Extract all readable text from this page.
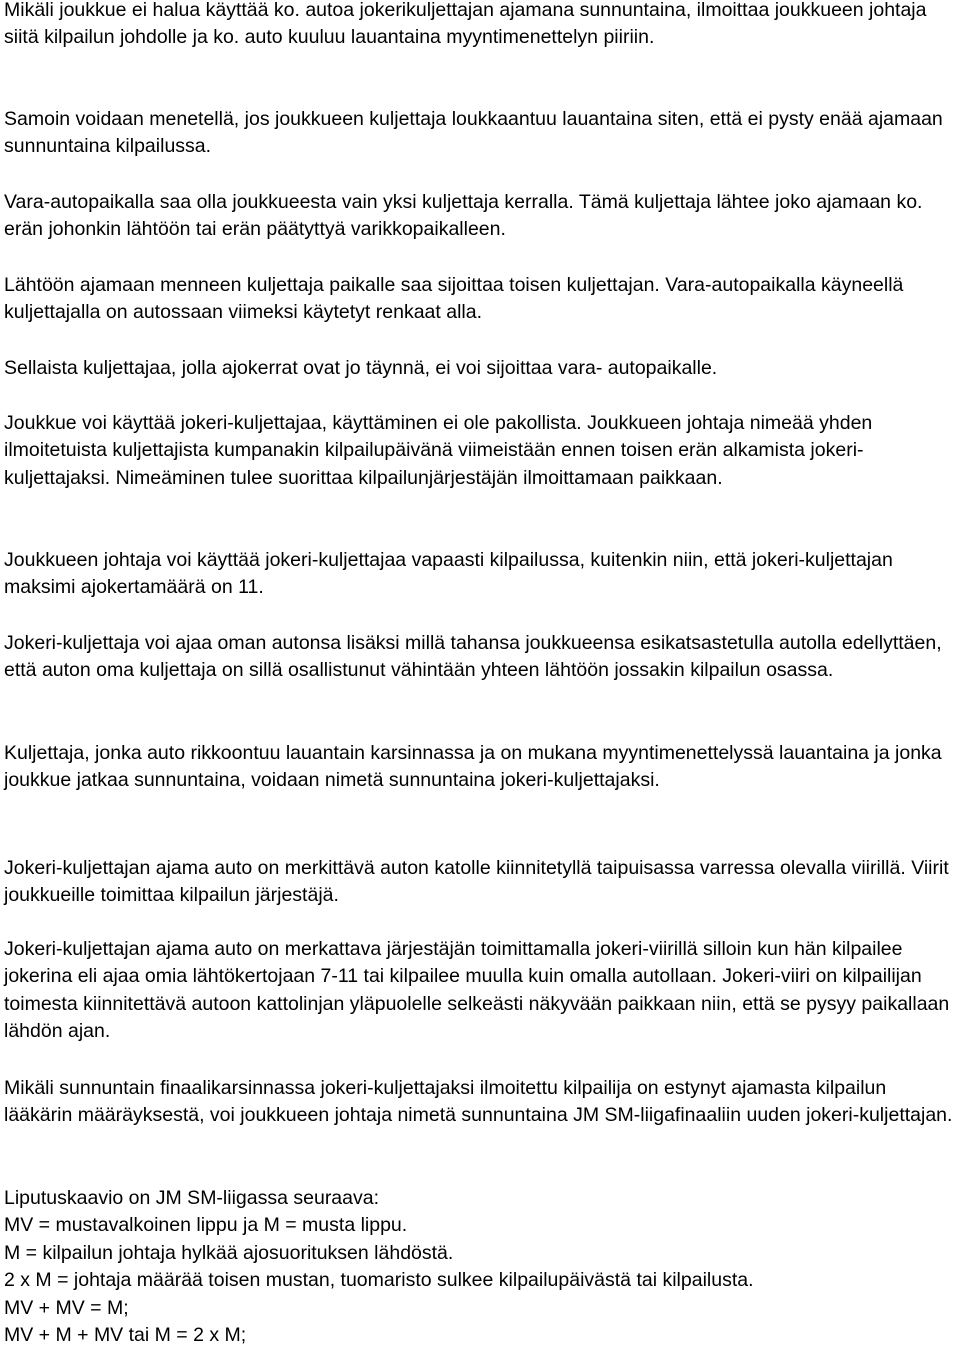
Mikäli joukkue ei halua käyttää ko. autoa jokerikuljettajan ajamana sunnuntaina, ilmoittaa joukkueen johtaja siitä kilpailun johdolle ja ko. auto kuuluu lauantaina myyntimenettelyn piiriin.

Samoin voidaan menetellä, jos joukkueen kuljettaja loukkaantuu lauantaina siten, että ei pysty enää ajamaan sunnuntaina kilpailussa.

Vara-autopaikalla saa olla joukkueesta vain yksi kuljettaja kerralla. Tämä kuljettaja lähtee joko ajamaan ko. erän johonkin lähtöön tai erän päätyttyä varikkopaikalleen.

Lähtöön ajamaan menneen kuljettaja paikalle saa sijoittaa toisen kuljettajan. Vara-autopaikalla käyneellä kuljettajalla on autossaan viimeksi käytetyt renkaat alla.

Sellaista kuljettajaa, jolla ajokerrat ovat jo täynnä, ei voi sijoittaa vara- autopaikalle.

Joukkue voi käyttää jokeri-kuljettajaa, käyttäminen ei ole pakollista. Joukkueen johtaja nimeää yhden ilmoitetuista kuljettajista kumpanakin kilpailupäivänä viimeistään ennen toisen erän alkamista jokeri-kuljettajaksi. Nimeäminen tulee suorittaa kilpailunjärjestäjän ilmoittamaan paikkaan.

Joukkueen johtaja voi käyttää jokeri-kuljettajaa vapaasti kilpailussa, kuitenkin niin, että jokeri-kuljettajan maksimi ajokertamäärä on 11.

Jokeri-kuljettaja voi ajaa oman autonsa lisäksi millä tahansa joukkueensa esikatsastetulla autolla edellyttäen, että auton oma kuljettaja on sillä osallistunut vähintään yhteen lähtöön jossakin kilpailun osassa.

Kuljettaja, jonka auto rikkoontuu lauantain karsinnassa ja on mukana myyntimenettelyssä lauantaina ja jonka joukkue jatkaa sunnuntaina, voidaan nimetä sunnuntaina jokeri-kuljettajaksi.

Jokeri-kuljettajan ajama auto on merkittävä auton katolle kiinnitetyllä taipuisassa varressa olevalla viirillä. Viirit joukkueille toimittaa kilpailun järjestäjä.

Jokeri-kuljettajan ajama auto on merkattava järjestäjän toimittamalla jokeri-viirillä silloin kun hän kilpailee jokerina eli ajaa omia lähtökertojaan 7-11 tai kilpailee muulla kuin omalla autollaan. Jokeri-viiri on kilpailijan toimesta kiinnitettävä autoon kattolinjan yläpuolelle selkeästi näkyvään paikkaan niin, että se pysyy paikallaan lähdön ajan.

Mikäli sunnuntain finaalikarsinnassa jokeri-kuljettajaksi ilmoitettu kilpailija on estynyt ajamasta kilpailun lääkärin määräyksestä, voi joukkueen johtaja nimetä sunnuntaina JM SM-liigafinaaliin uuden jokeri-kuljettajan.

Liputuskaavio on JM SM-liigassa seuraava:

MV = mustavalkoinen lippu ja M = musta lippu.

M = kilpailun johtaja hylkää ajosuorituksen lähdöstä.

2 x M = johtaja määrää toisen mustan, tuomaristo sulkee kilpailupäivästä tai kilpailusta.

MV + MV = M;

MV + M + MV tai M = 2 x M;
